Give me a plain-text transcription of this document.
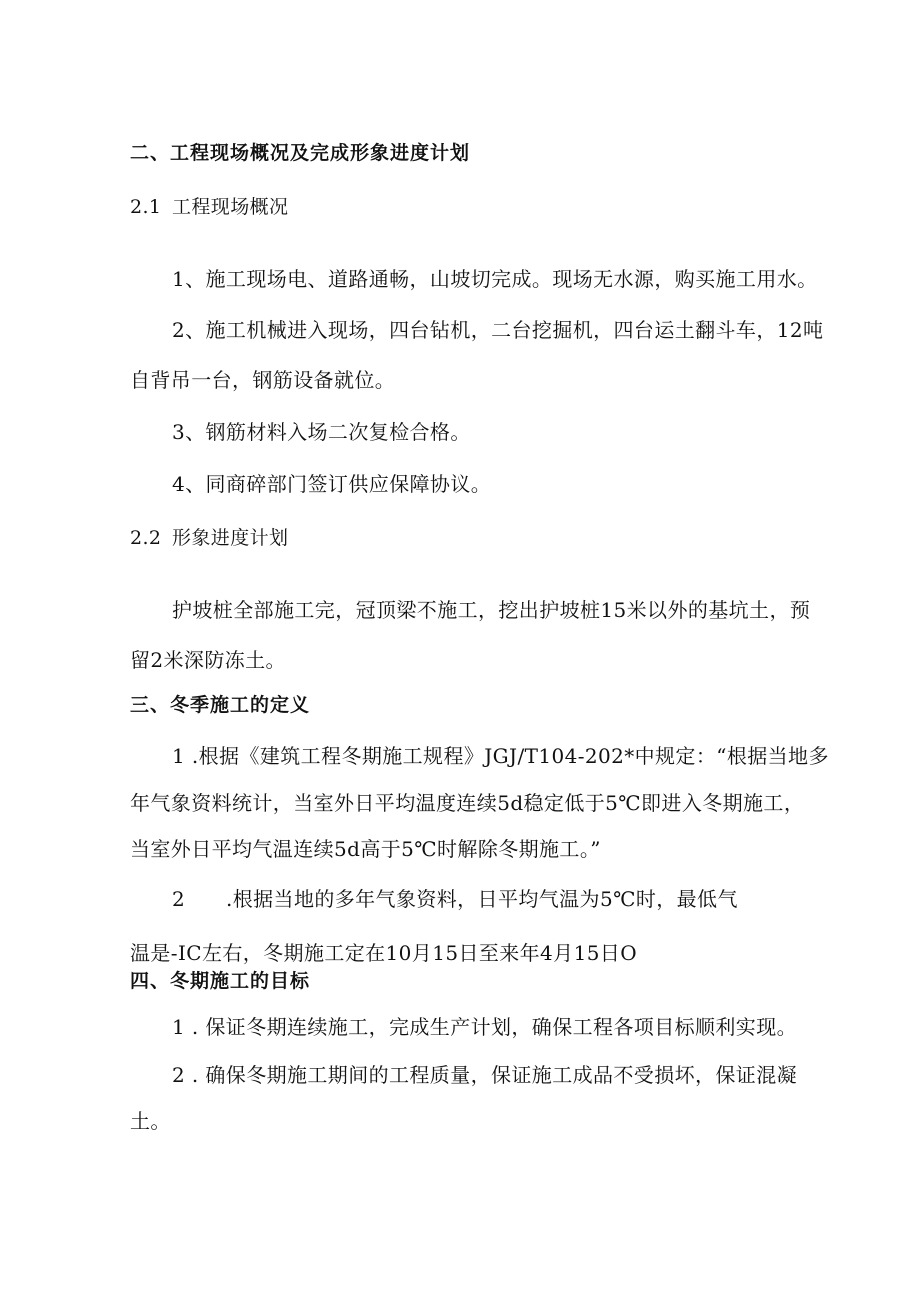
二、工程现场概况及完成形象进度计划
2.1 工程现场概况
1、施工现场电、道路通畅，山坡切完成。现场无水源，购买施工用水。
2、施工机械进入现场，四台钻机，二台挖掘机，四台运土翻斗车，12吨
自背吊一台，钢筋设备就位。
3、钢筋材料入场二次复检合格。
4、同商碎部门签订供应保障协议。
2.2 形象进度计划
护坡桩全部施工完，冠顶梁不施工，挖出护坡桩15米以外的基坑土，预
留2米深防冻土。
三、冬季施工的定义
1 .根据《建筑工程冬期施工规程》JGJ/T104-202*中规定：“根据当地多
年气象资料统计，当室外日平均温度连续5d稳定低于5℃即进入冬期施工，
当室外日平均气温连续5d高于5℃时解除冬期施工。”
2 .根据当地的多年气象资料，日平均气温为5℃时，最低气
温是-IC左右，冬期施工定在10月15日至来年4月15日O
四、冬期施工的目标
1 . 保证冬期连续施工，完成生产计划，确保工程各项目标顺利实现。
2 . 确保冬期施工期间的工程质量，保证施工成品不受损坏，保证混凝
土。
